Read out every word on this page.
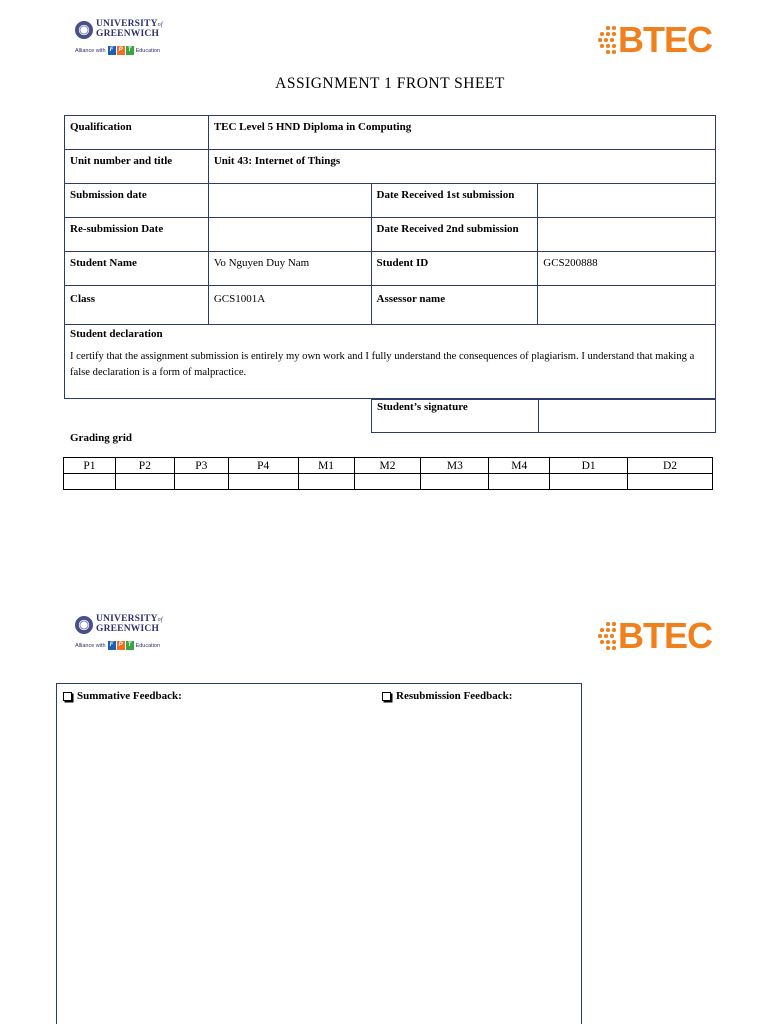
UNIVERSITYof
GREENWICH
Alliance with F P T Education	BTEC
ASSIGNMENT 1 FRONT SHEET
Qualification	TEC Level 5 HND Diploma in Computing		

Unit number and title	Unit 43: Internet of Things		

Submission date		Date Received 1st submission	

Re-submission Date		Date Received 2nd submission	

Student Name	Vo Nguyen Duy Nam	Student ID	GCS200888

Class	GCS1001A	Assessor name	

Student declaration
I certify that the assignment submission is entirely my own work and I fully understand the consequences of plagiarism. I understand that making a false declaration is a form of malpractice.
Student’s signature
Grading grid
P1	P2	P3	P4	M1	M2	M3	M4	D1	D2

UNIVERSITYof
GREENWICH
Alliance with F P T Education	BTEC
Summative Feedback:	Resubmission Feedback:
